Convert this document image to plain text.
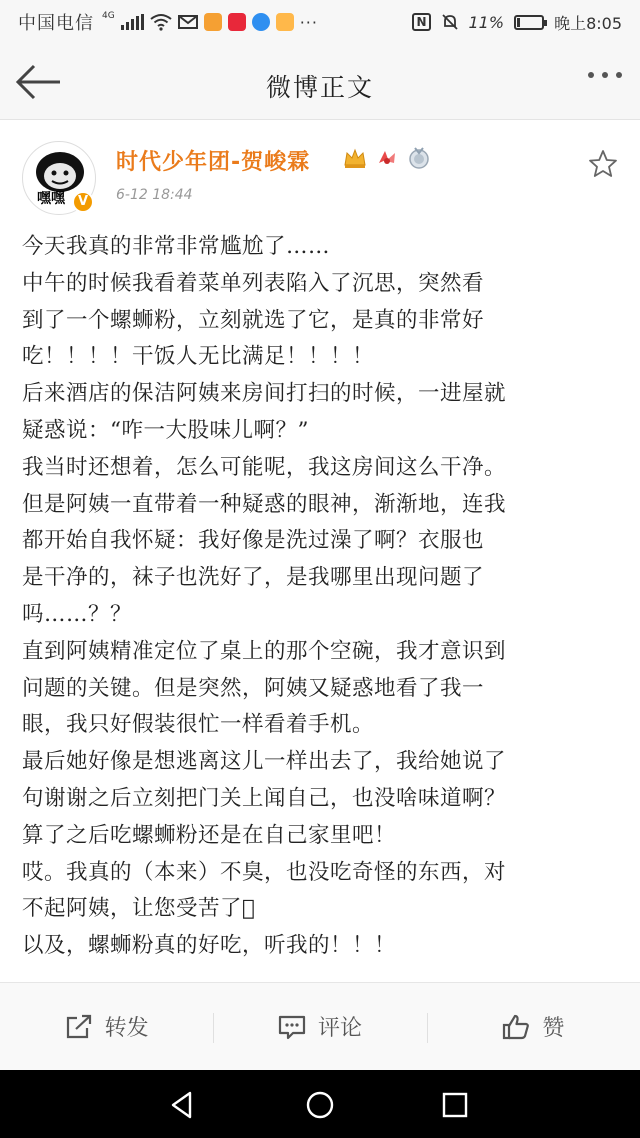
中国电信 4G	···	N	11%	晚上8:05
微博正文
嘿嘿 V
时代少年团-贺峻霖
6-12 18:44

今天我真的非常非常尴尬了……

中午的时候我看着菜单列表陷入了沉思，突然看

到了一个螺蛳粉，立刻就选了它，是真的非常好

吃！！！！干饭人无比满足！！！！

后来酒店的保洁阿姨来房间打扫的时候，一进屋就

疑惑说：“咋一大股味儿啊？”

我当时还想着，怎么可能呢，我这房间这么干净。

但是阿姨一直带着一种疑惑的眼神，渐渐地，连我

都开始自我怀疑：我好像是洗过澡了啊？衣服也

是干净的，袜子也洗好了，是我哪里出现问题了

吗……？？

直到阿姨精准定位了桌上的那个空碗，我才意识到

问题的关键。但是突然，阿姨又疑惑地看了我一

眼，我只好假装很忙一样看着手机。

最后她好像是想逃离这儿一样出去了，我给她说了

句谢谢之后立刻把门关上闻自己，也没啥味道啊？

算了之后吃螺蛳粉还是在自己家里吧！

哎。我真的（本来）不臭，也没吃奇怪的东西，对

不起阿姨，让您受苦了􀀀

以及，螺蛳粉真的好吃，听我的！！！

转发	评论	赞
